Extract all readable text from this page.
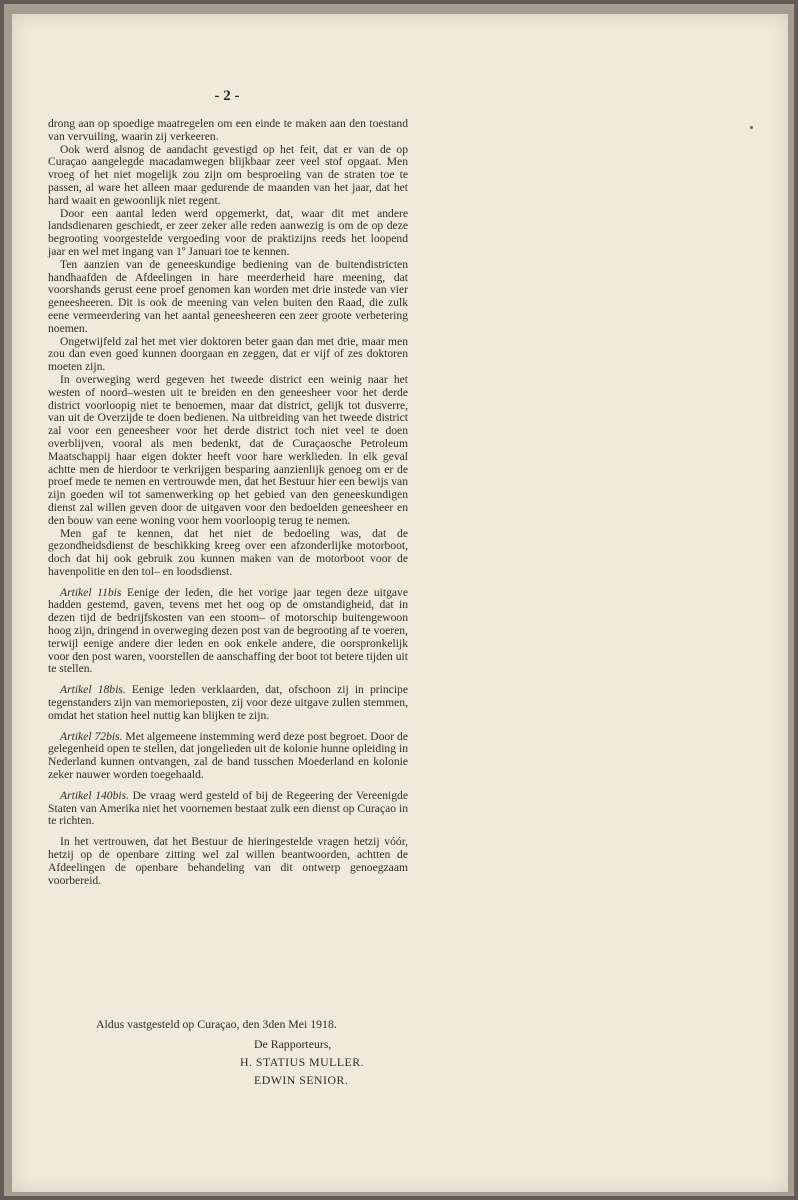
- 2 -

drong aan op spoedige maatregelen om een einde te maken aan den toestand van vervuiling, waarin zij verkeeren.

Ook werd alsnog de aandacht gevestigd op het feit, dat er van de op Curaçao aangelegde macadamwegen blijkbaar zeer veel stof opgaat. Men vroeg of het niet mogelijk zou zijn om besproeiing van de straten toe te passen, al ware het alleen maar gedurende de maanden van het jaar, dat het hard waait en gewoonlijk niet regent.

Door een aantal leden werd opgemerkt, dat, waar dit met andere landsdienaren geschiedt, er zeer zeker alle reden aanwezig is om de op deze begrooting voorgestelde vergoeding voor de praktizijns reeds het loopend jaar en wel met ingang van 1º Januari toe te kennen.

Ten aanzien van de geneeskundige bediening van de buitendistricten handhaafden de Afdeelingen in hare meerderheid hare meening, dat voorshands gerust eene proef genomen kan worden met drie instede van vier geneesheeren. Dit is ook de meening van velen buiten den Raad, die zulk eene vermeerdering van het aantal geneesheeren een zeer groote verbetering noemen.

Ongetwijfeld zal het met vier doktoren beter gaan dan met drie, maar men zou dan even goed kunnen doorgaan en zeggen, dat er vijf of zes doktoren moeten zijn.

In overweging werd gegeven het tweede district een weinig naar het westen of noord–westen uit te breiden en den geneesheer voor het derde district voorloopig niet te benoemen, maar dat district, gelijk tot dusverre, van uit de Overzijde te doen bedienen. Na uitbreiding van het tweede district zal voor een geneesheer voor het derde district toch niet veel te doen overblijven, vooral als men bedenkt, dat de Curaçaosche Petroleum Maatschappij haar eigen dokter heeft voor hare werklieden. In elk geval achtte men de hierdoor te verkrijgen besparing aanzienlijk genoeg om er de proef mede te nemen en vertrouwde men, dat het Bestuur hier een bewijs van zijn goeden wil tot samenwerking op het gebied van den geneeskundigen dienst zal willen geven door de uitgaven voor den bedoelden geneesheer en den bouw van eene woning voor hem voorloopig terug te nemen.

Men gaf te kennen, dat het niet de bedoeling was, dat de gezondheidsdienst de beschikking kreeg over een afzonderlijke motorboot, doch dat hij ook gebruik zou kunnen maken van de motorboot voor de havenpolitie en den tol– en loodsdienst.

Artikel 11bis Eenige der leden, die het vorige jaar tegen deze uitgave hadden gestemd, gaven, tevens met het oog op de omstandigheid, dat in dezen tijd de bedrijfskosten van een stoom– of motorschip buitengewoon hoog zijn, dringend in overweging dezen post van de begrooting af te voeren, terwijl eenige andere dier leden en ook enkele andere, die oorspronkelijk voor den post waren, voorstellen de aanschaffing der boot tot betere tijden uit te stellen.

Artikel 18bis. Eenige leden verklaarden, dat, ofschoon zij in principe tegenstanders zijn van memorieposten, zij voor deze uitgave zullen stemmen, omdat het station heel nuttig kan blijken te zijn.

Artikel 72bis. Met algemeene instemming werd deze post begroet. Door de gelegenheid open te stellen, dat jongelieden uit de kolonie hunne opleiding in Nederland kunnen ontvangen, zal de band tusschen Moederland en kolonie zeker nauwer worden toegehaald.

Artikel 140bis. De vraag werd gesteld of bij de Regeering der Vereenigde Staten van Amerika niet het voornemen bestaat zulk een dienst op Curaçao in te richten.

In het vertrouwen, dat het Bestuur de hieringestelde vragen hetzij vóór, hetzij op de openbare zitting wel zal willen beantwoorden, achtten de Afdeelingen de openbare behandeling van dit ontwerp genoegzaam voorbereid.

Aldus vastgesteld op Curaçao, den 3den Mei 1918.
De Rapporteurs,
H. STATIUS MULLER.
EDWIN SENIOR.
